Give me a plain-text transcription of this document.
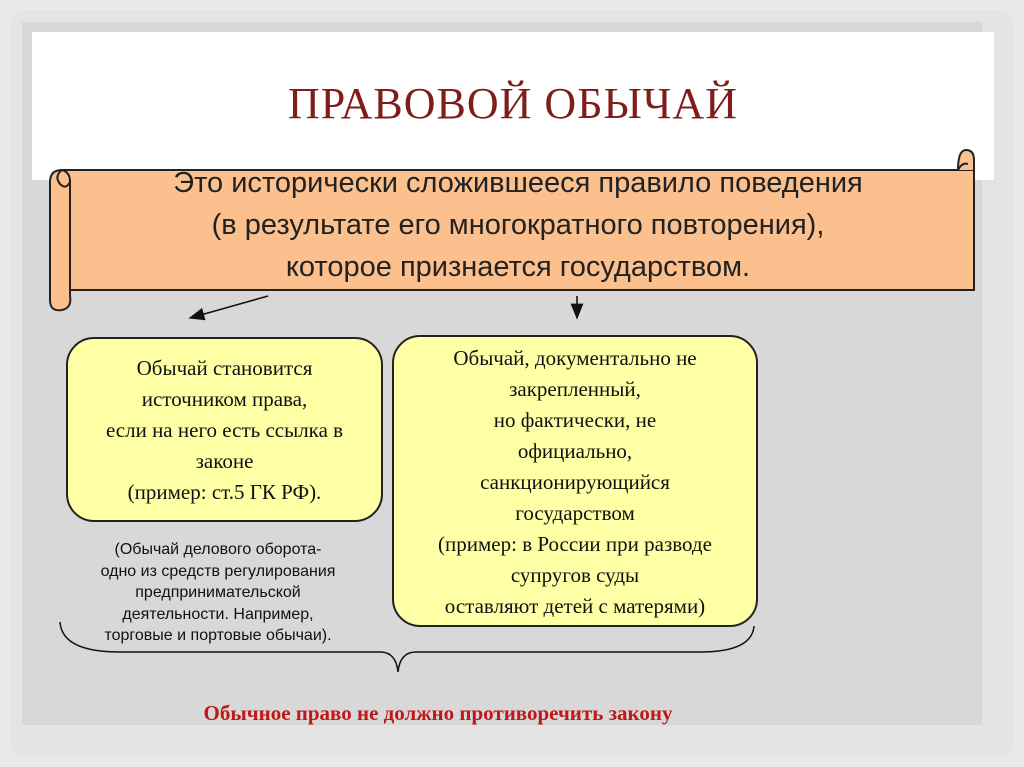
ПРАВОВОЙ ОБЫЧАЙ
Это исторически сложившееся правило поведения
(в результате его многократного повторения),
которое признается государством.
Обычай становится
источником права,
если на него есть ссылка в
законе
(пример: ст.5 ГК РФ).
Обычай, документально не
закрепленный,
но фактически, не
официально,
санкционирующийся
государством
(пример: в России при разводе
супругов суды
оставляют детей с матерями)
(Обычай делового оборота-
одно из средств регулирования
предпринимательской
деятельности. Например,
торговые и портовые обычаи).
Обычное право не должно противоречить закону
